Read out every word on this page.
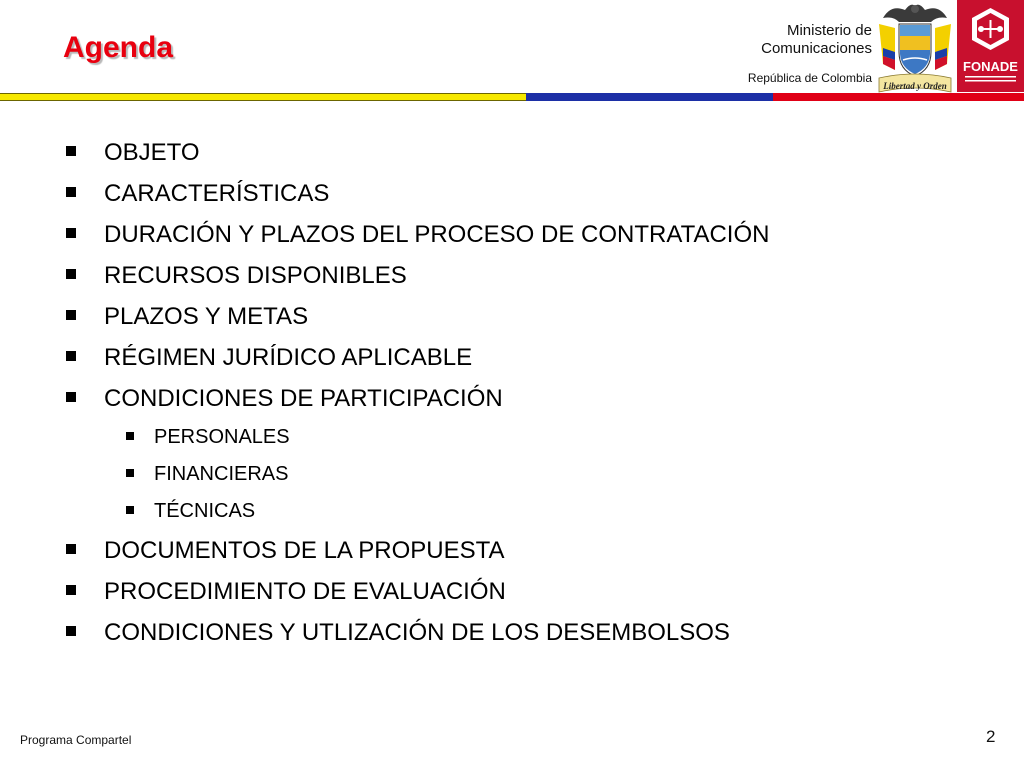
Agenda
Ministerio de
Comunicaciones
República de Colombia
Libertad y Orden
FONADE
OBJETO
CARACTERÍSTICAS
DURACIÓN Y PLAZOS DEL PROCESO DE CONTRATACIÓN
RECURSOS DISPONIBLES
PLAZOS Y METAS
RÉGIMEN JURÍDICO APLICABLE
CONDICIONES DE PARTICIPACIÓN
PERSONALES
FINANCIERAS
TÉCNICAS
DOCUMENTOS DE LA PROPUESTA
PROCEDIMIENTO DE EVALUACIÓN
CONDICIONES Y UTLIZACIÓN DE LOS DESEMBOLSOS
Programa Compartel	2
